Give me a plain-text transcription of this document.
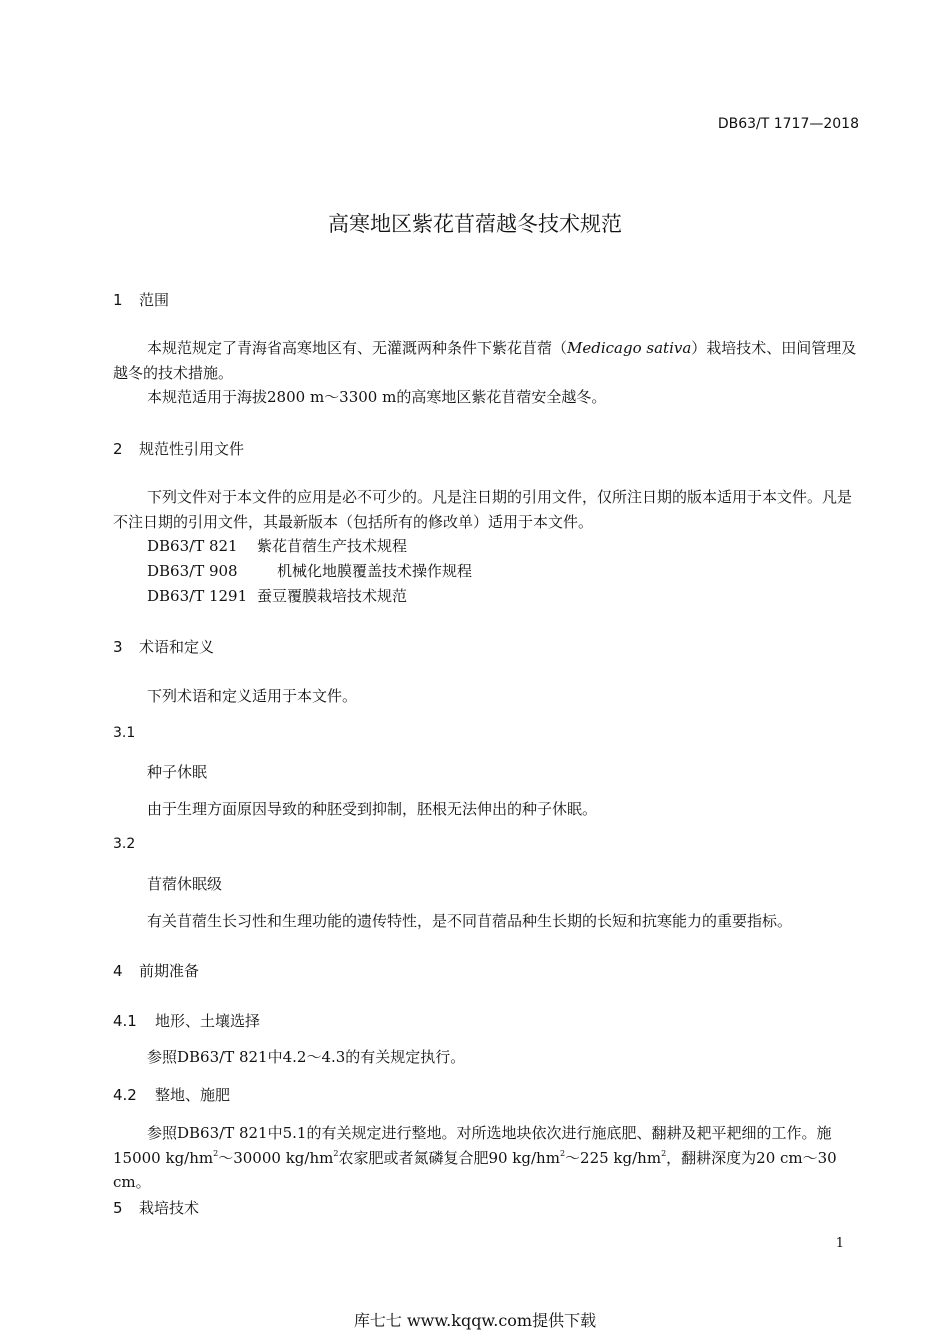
DB63/T 1717—2018
高寒地区紫花苜蓿越冬技术规范
1 范围
本规范规定了青海省高寒地区有、无灌溉两种条件下紫花苜蓿（Medicago sativa）栽培技术、田间管理及越冬的技术措施。
本规范适用于海拔2800 m～3300 m的高寒地区紫花苜蓿安全越冬。
2 规范性引用文件
下列文件对于本文件的应用是必不可少的。凡是注日期的引用文件，仅所注日期的版本适用于本文件。凡是不注日期的引用文件，其最新版本（包括所有的修改单）适用于本文件。
DB63/T 821 紫花苜蓿生产技术规程
DB63/T 908	机械化地膜覆盖技术操作规程
DB63/T 1291 蚕豆覆膜栽培技术规范
3 术语和定义
下列术语和定义适用于本文件。
3.1
种子休眠
由于生理方面原因导致的种胚受到抑制，胚根无法伸出的种子休眠。
3.2
苜蓿休眠级
有关苜蓿生长习性和生理功能的遗传特性，是不同苜蓿品种生长期的长短和抗寒能力的重要指标。
4 前期准备
4.1 地形、土壤选择
参照DB63/T 821中4.2～4.3的有关规定执行。
4.2 整地、施肥
参照DB63/T 821中5.1的有关规定进行整地。对所选地块依次进行施底肥、翻耕及耙平耙细的工作。施15000 $kg/hm^2\sim 30000$ $kg/hm^2$农家肥或者氮磷复合肥90 $kg/hm^2\sim 225$ $kg/hm^2$，翻耕深度为20 cm～30 cm。
5 栽培技术
1
库七七 www.kqqw.com提供下载
